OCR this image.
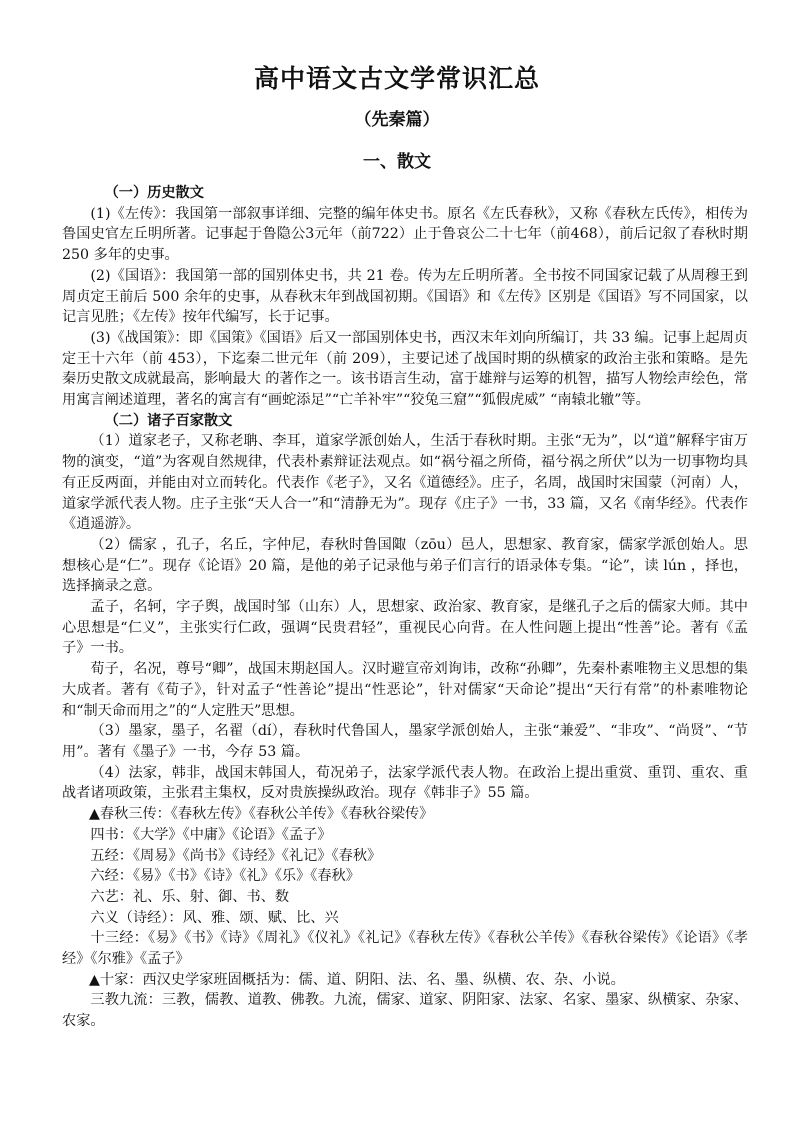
高中语文古文学常识汇总
（先秦篇）
一、散文

（一）历史散文

(1)《左传》：我国第一部叙事详细、完整的编年体史书。原名《左氏春秋》，又称《春秋左氏传》，相传为鲁国史官左丘明所著。记事起于鲁隐公3元年（前722）止于鲁哀公二十七年（前468），前后记叙了春秋时期 250 多年的史事。

(2)《国语》：我国第一部的国别体史书，共 21 卷。传为左丘明所著。全书按不同国家记载了从周穆王到周贞定王前后 500 余年的史事，从春秋末年到战国初期。《国语》和《左传》区别是《国语》写不同国家，以记言见胜；《左传》按年代编写，长于记事。

(3)《战国策》：即《国策》《国语》后又一部国别体史书，西汉末年刘向所编订，共 33 编。记事上起周贞定王十六年（前 453），下迄秦二世元年（前 209），主要记述了战国时期的纵横家的政治主张和策略。是先秦历史散文成就最高，影响最大 的著作之一。该书语言生动，富于雄辩与运筹的机智，描写人物绘声绘色，常用寓言阐述道理，著名的寓言有“画蛇添足”“亡羊补牢”“狡兔三窟”“狐假虎威” “南辕北辙”等。

（二）诸子百家散文

（1）道家老子，又称老聃、李耳，道家学派创始人，生活于春秋时期。主张“无为”，以“道”解释宇宙万物的演变，“道”为客观自然规律，代表朴素辩证法观点。如“祸兮福之所倚，福兮祸之所伏”以为一切事物均具有正反两面，并能由对立而转化。代表作《老子》，又名《道德经》。庄子，名周，战国时宋国蒙（河南）人，道家学派代表人物。庄子主张“天人合一”和“清静无为”。现存《庄子》一书，33 篇，又名《南华经》。代表作《逍遥游》。

（2）儒家 ，孔子，名丘，字仲尼，春秋时鲁国陬（zōu）邑人，思想家、教育家，儒家学派创始人。思想核心是“仁”。现存《论语》20 篇，是他的弟子记录他与弟子们言行的语录体专集。“论”，读 lún ，择也，选择摘录之意。

孟子，名轲，字子舆，战国时邹（山东）人，思想家、政治家、教育家，是继孔子之后的儒家大师。其中心思想是“仁义”，主张实行仁政，强调“民贵君轻”，重视民心向背。在人性问题上提出“性善”论。著有《孟子》一书。

荀子，名况，尊号“卿”，战国末期赵国人。汉时避宣帝刘询讳，改称“孙卿”，先秦朴素唯物主义思想的集大成者。著有《荀子》，针对孟子“性善论”提出“性恶论”，针对儒家“天命论”提出“天行有常”的朴素唯物论和“制天命而用之”的“人定胜天”思想。

（3）墨家，墨子，名翟（dí），春秋时代鲁国人，墨家学派创始人，主张“兼爱”、“非攻”、“尚贤”、“节用”。著有《墨子》一书，今存 53 篇。

（4）法家，韩非，战国末韩国人，荀况弟子，法家学派代表人物。在政治上提出重赏、重罚、重农、重战者诸项政策，主张君主集权，反对贵族操纵政治。现存《韩非子》55 篇。

▲春秋三传：《春秋左传》《春秋公羊传》《春秋谷梁传》

四书：《大学》《中庸》《论语》《孟子》

五经：《周易》《尚书》《诗经》《礼记》《春秋》

六经：《易》《书》《诗》《礼》《乐》《春秋》

六艺：礼、乐、射、御、书、数

六义（诗经）：风、雅、颂、赋、比、兴

十三经：《易》《书》《诗》《周礼》《仪礼》《礼记》《春秋左传》《春秋公羊传》《春秋谷梁传》《论语》《孝经》《尔雅》《孟子》

▲十家：西汉史学家班固概括为：儒、道、阴阳、法、名、墨、纵横、农、杂、小说。

三教九流：三教，儒教、道教、佛教。九流，儒家、道家、阴阳家、法家、名家、墨家、纵横家、杂家、农家。
